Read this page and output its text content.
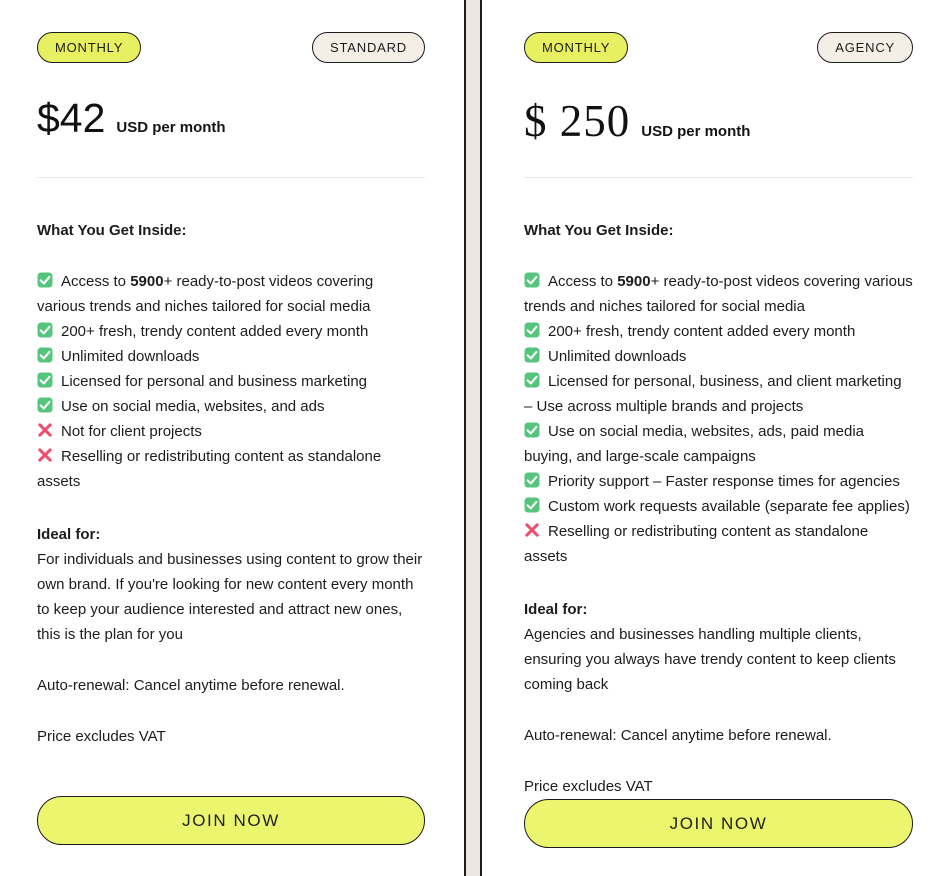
MONTHLY	STANDARD
$42 USD per month
What You Get Inside:
Access to 5900+ ready-to-post videos covering various trends and niches tailored for social media
200+ fresh, trendy content added every month
Unlimited downloads
Licensed for personal and business marketing
Use on social media, websites, and ads
Not for client projects
Reselling or redistributing content as standalone assets
Ideal for:

For individuals and businesses using content to grow their own brand. If you're looking for new content every month to keep your audience interested and attract new ones, this is the plan for you

Auto-renewal: Cancel anytime before renewal.

Price excludes VAT

JOIN NOW
MONTHLY	AGENCY
$ 250 USD per month
What You Get Inside:
Access to 5900+ ready-to-post videos covering various trends and niches tailored for social media
200+ fresh, trendy content added every month
Unlimited downloads
Licensed for personal, business, and client marketing – Use across multiple brands and projects
Use on social media, websites, ads, paid media buying, and large-scale campaigns
Priority support – Faster response times for agencies
Custom work requests available (separate fee applies)
Reselling or redistributing content as standalone assets
Ideal for:

Agencies and businesses handling multiple clients, ensuring you always have trendy content to keep clients coming back

Auto-renewal: Cancel anytime before renewal.

Price excludes VAT

JOIN NOW
